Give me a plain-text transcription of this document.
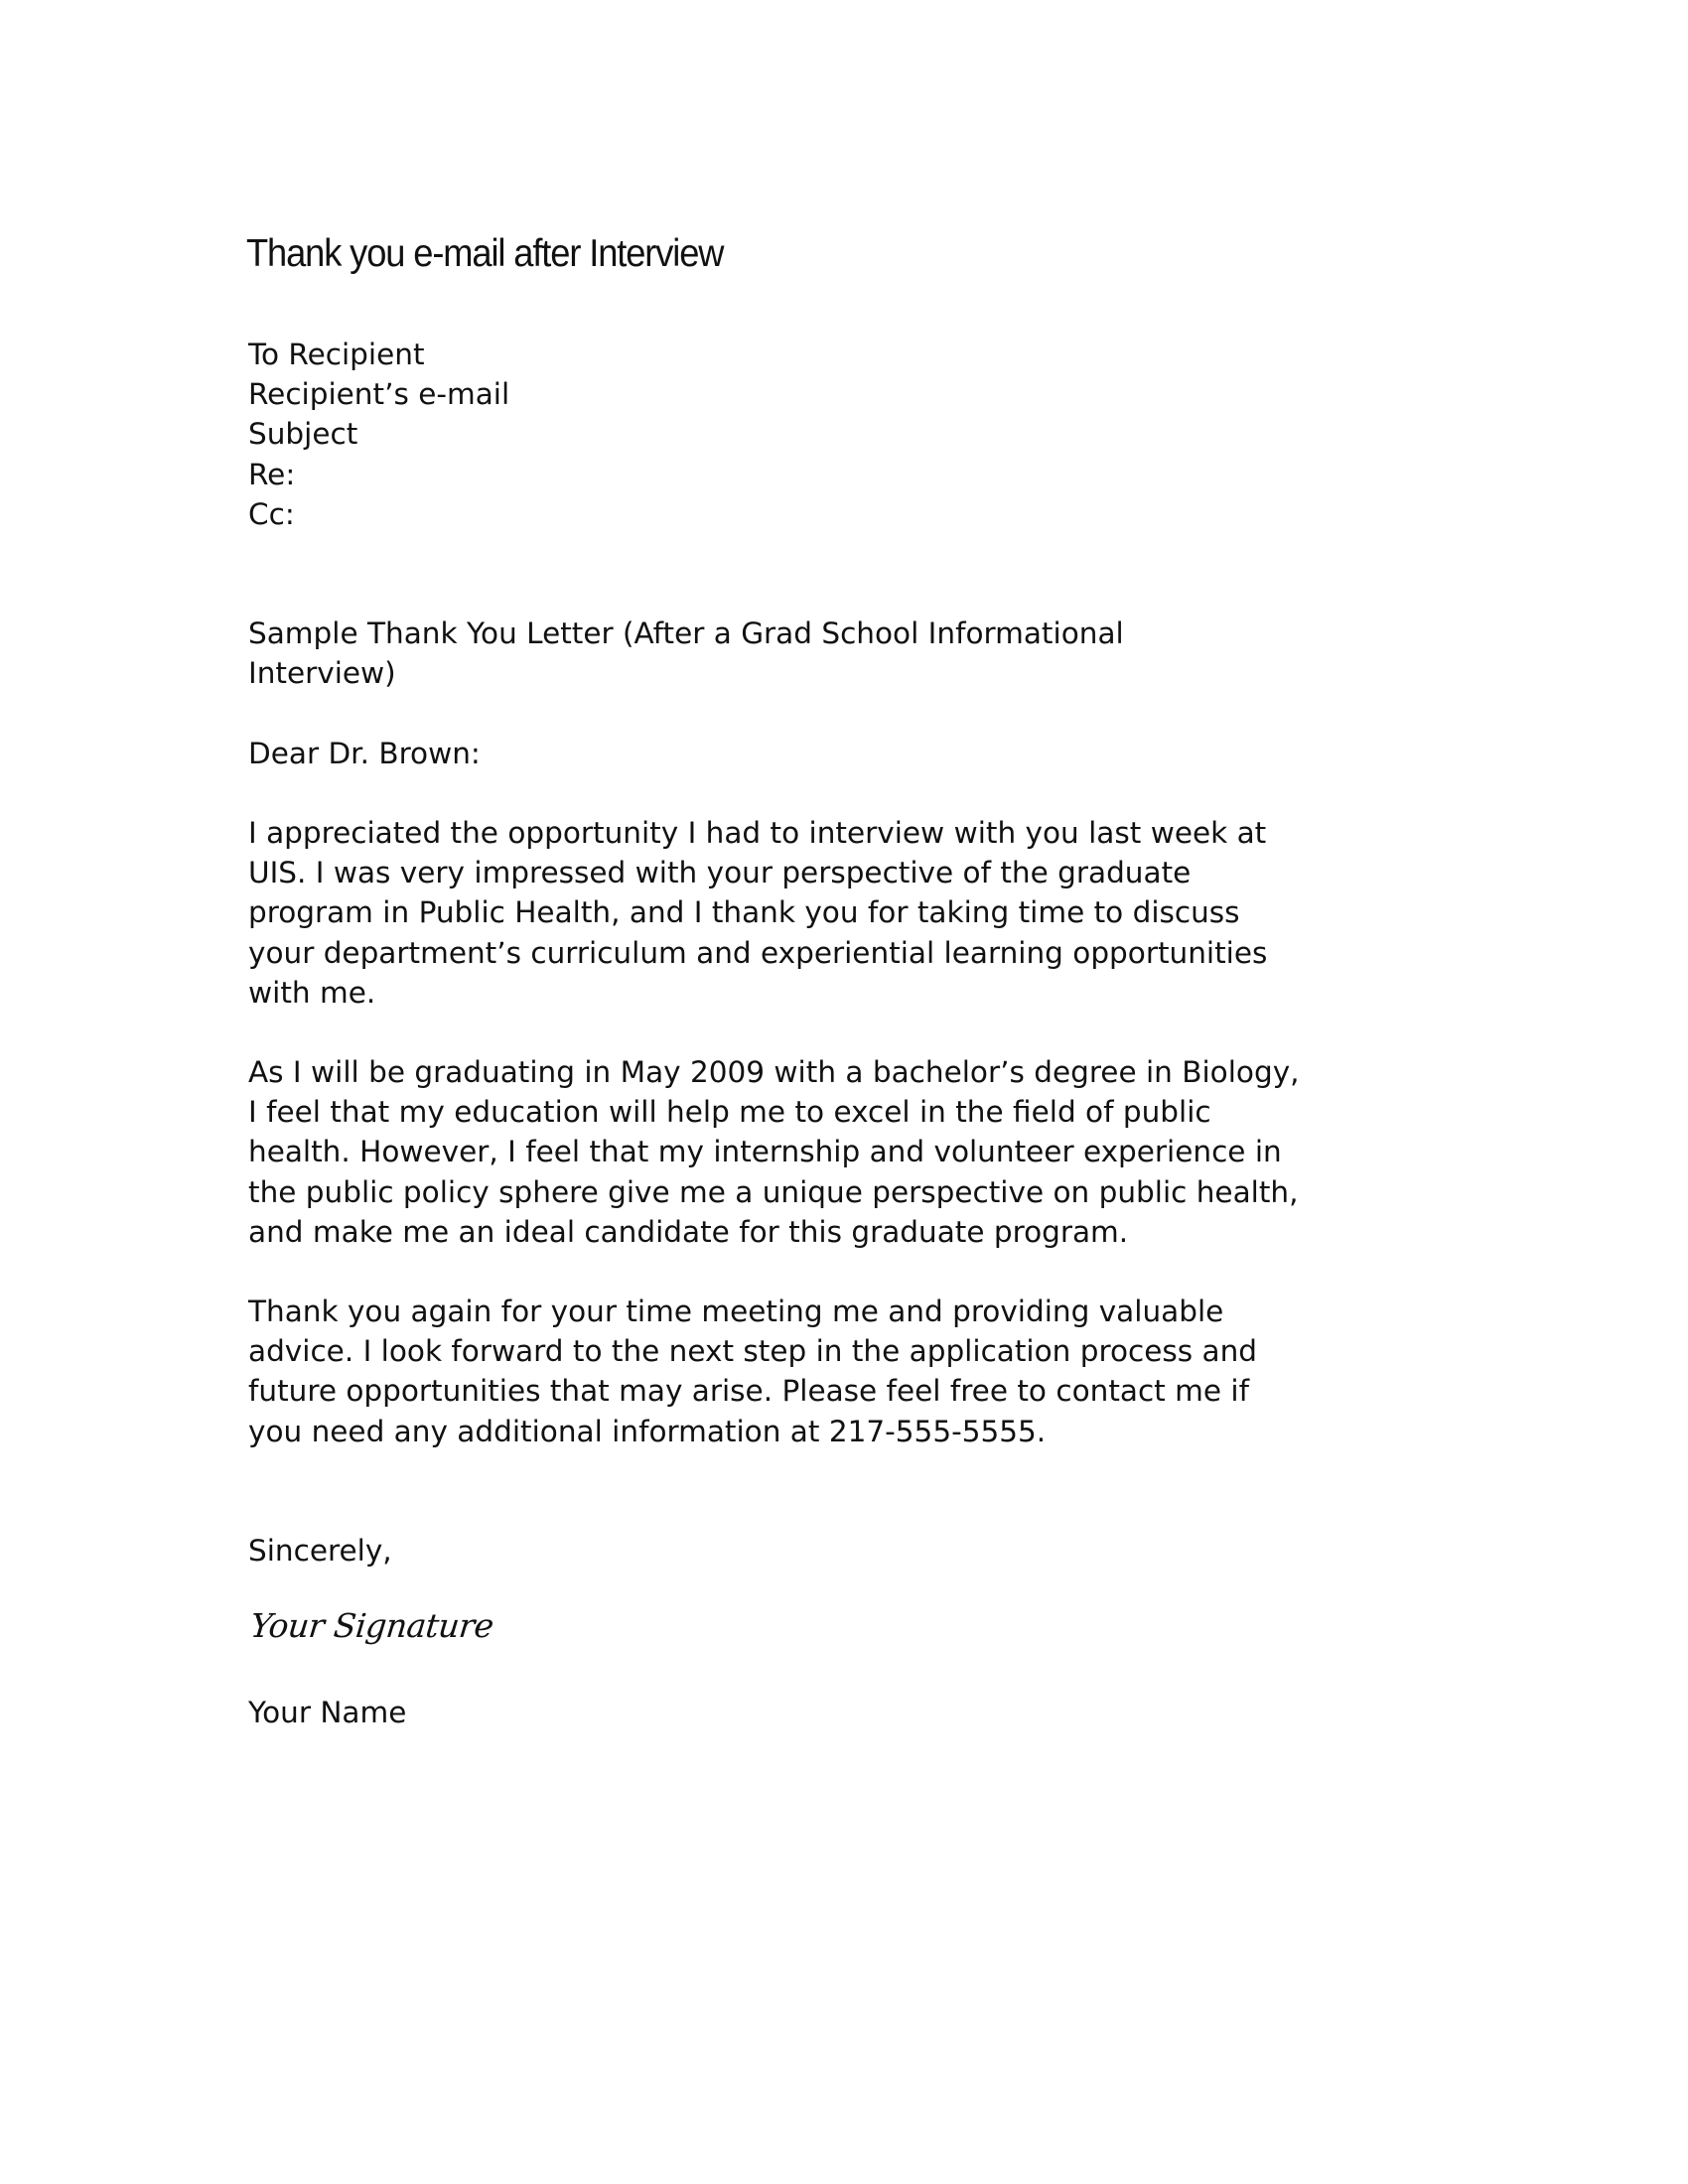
Thank you e-mail after Interview
To Recipient
Recipient’s e-mail
Subject
Re:
Cc:
Sample Thank You Letter (After a Grad School Informational
Interview)
Dear Dr. Brown:
I appreciated the opportunity I had to interview with you last week at
UIS. I was very impressed with your perspective of the graduate
program in Public Health, and I thank you for taking time to discuss
your department’s curriculum and experiential learning opportunities
with me.
As I will be graduating in May 2009 with a bachelor’s degree in Biology,
I feel that my education will help me to excel in the field of public
health. However, I feel that my internship and volunteer experience in
the public policy sphere give me a unique perspective on public health,
and make me an ideal candidate for this graduate program.
Thank you again for your time meeting me and providing valuable
advice. I look forward to the next step in the application process and
future opportunities that may arise. Please feel free to contact me if
you need any additional information at 217-555-5555.
Sincerely,
Your Signature
Your Name
